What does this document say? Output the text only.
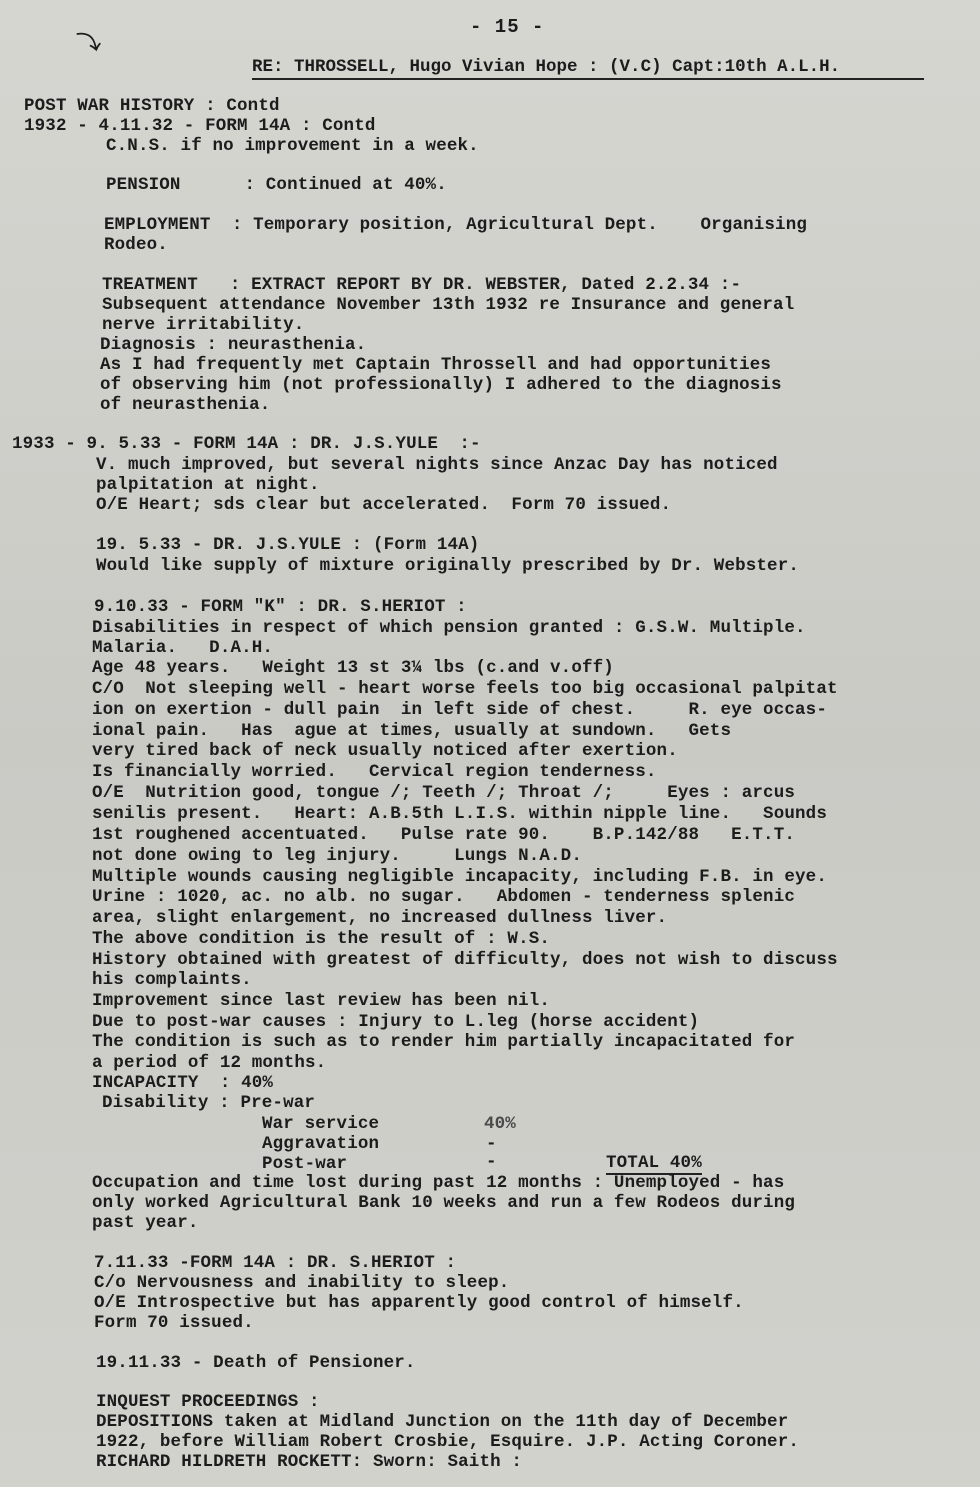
- 15 -
⤵
RE: THROSSELL, Hugo Vivian Hope : (V.C) Capt:10th A.L.H.
POST WAR HISTORY : Contd
1932 - 4.11.32 - FORM 14A : Contd
C.N.S. if no improvement in a week.
PENSION      : Continued at 40%.
EMPLOYMENT  : Temporary position, Agricultural Dept.    Organising
Rodeo.
TREATMENT   : EXTRACT REPORT BY DR. WEBSTER, Dated 2.2.34 :-
Subsequent attendance November 13th 1932 re Insurance and general
nerve irritability.
Diagnosis : neurasthenia.
As I had frequently met Captain Throssell and had opportunities
of observing him (not professionally) I adhered to the diagnosis
of neurasthenia.
1933 - 9. 5.33 - FORM 14A : DR. J.S.YULE  :-
V. much improved, but several nights since Anzac Day has noticed
palpitation at night.
O/E Heart; sds clear but accelerated.  Form 70 issued.
19. 5.33 - DR. J.S.YULE : (Form 14A)
Would like supply of mixture originally prescribed by Dr. Webster.
9.10.33 - FORM "K" : DR. S.HERIOT :
Disabilities in respect of which pension granted : G.S.W. Multiple.
Malaria.   D.A.H.
Age 48 years.   Weight 13 st 3¼ lbs (c.and v.off)
C/O  Not sleeping well - heart worse feels too big occasional palpitat
ion on exertion - dull pain  in left side of chest.     R. eye occas-
ional pain.   Has  ague at times, usually at sundown.   Gets
very tired back of neck usually noticed after exertion.
Is financially worried.   Cervical region tenderness.
O/E  Nutrition good, tongue /; Teeth /; Throat /;     Eyes : arcus
senilis present.   Heart: A.B.5th L.I.S. within nipple line.   Sounds
1st roughened accentuated.   Pulse rate 90.    B.P.142/88   E.T.T.
not done owing to leg injury.     Lungs N.A.D.
Multiple wounds causing negligible incapacity, including F.B. in eye.
Urine : 1020, ac. no alb. no sugar.   Abdomen - tenderness splenic
area, slight enlargement, no increased dullness liver.
The above condition is the result of : W.S.
History obtained with greatest of difficulty, does not wish to discuss
his complaints.
Improvement since last review has been nil.
Due to post-war causes : Injury to L.leg (horse accident)
The condition is such as to render him partially incapacitated for
a period of 12 months.
INCAPACITY  : 40%
Disability : Pre-war
War service	40%
Aggravation	-
Post-war	-	TOTAL 40%
Occupation and time lost during past 12 months : Unemployed - has
only worked Agricultural Bank 10 weeks and run a few Rodeos during
past year.
7.11.33 -FORM 14A : DR. S.HERIOT :
C/o Nervousness and inability to sleep.
O/E Introspective but has apparently good control of himself.
Form 70 issued.
19.11.33 - Death of Pensioner.
INQUEST PROCEEDINGS :
DEPOSITIONS taken at Midland Junction on the 11th day of December
1922, before William Robert Crosbie, Esquire. J.P. Acting Coroner.
RICHARD HILDRETH ROCKETT: Sworn: Saith :
